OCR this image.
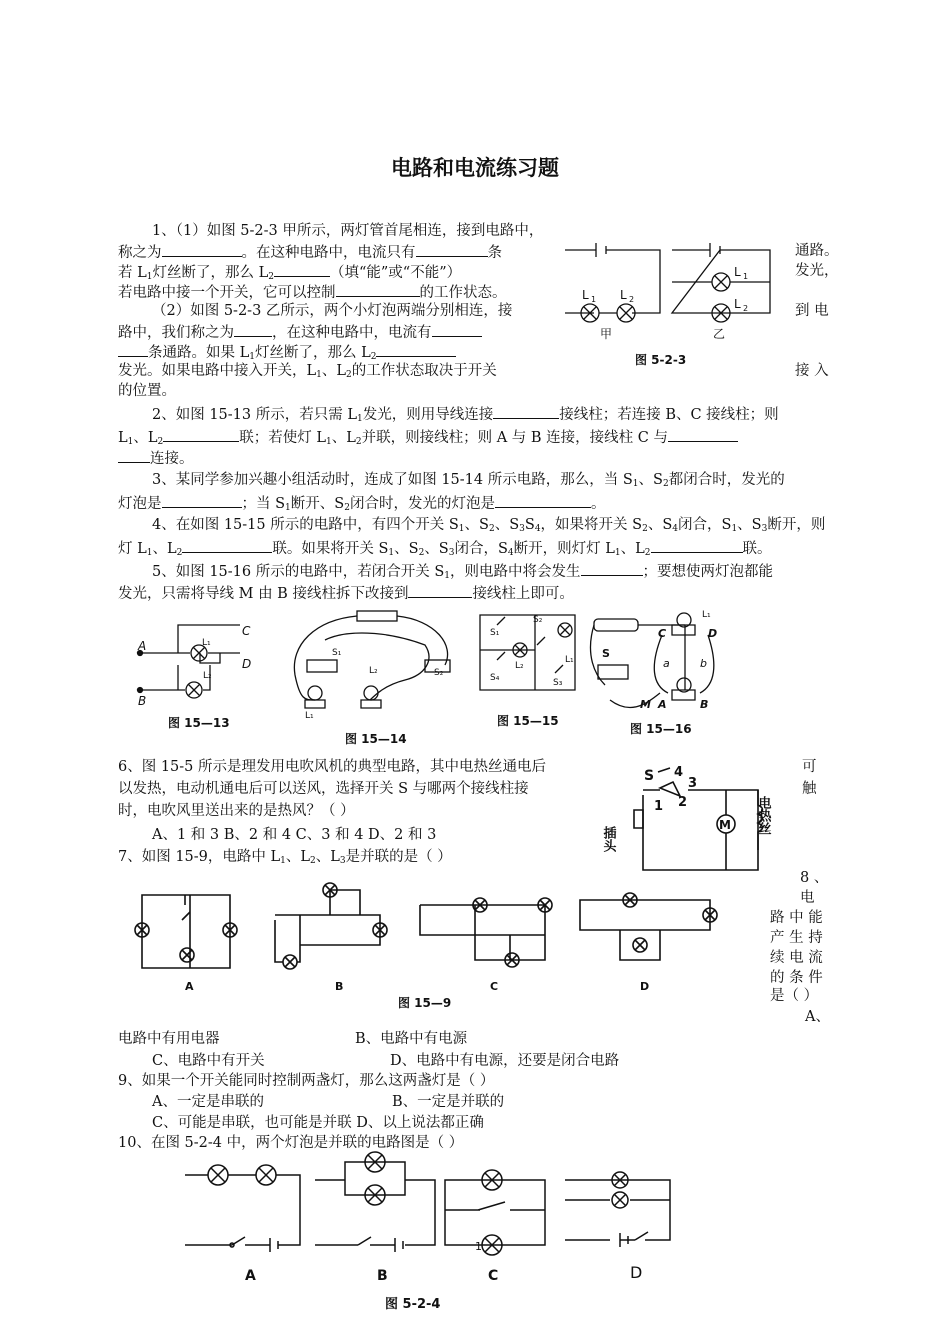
电路和电流练习题
1、（1）如图 5-2-3 甲所示，两灯管首尾相连，接到电路中，
称之为	。在这种电路中，电流只有	条	通路。
若 $L_1$灯丝断了，那么 $L_2$	（填“能”或“不能”）	发光，
若电路中接一个开关，它可以控制	的工作状态。
（2）如图 5-2-3 乙所示，两个小灯泡两端分别相连，接	到 电
路中，我们称之为	，在这种电路中，电流有
条通路。如果 $L_1$灯丝断了，那么 $L_2$
发光。如果电路中接入开关，$L_1$、$L_2$的工作状态取决于开关	接 入
的位置。
L 1 L 2
L 1
L 2
甲	乙
图 5-2-3
2、如图 15-13 所示，若只需 $L_1$发光，则用导线连接	接线柱；若连接 B、C 接线柱；则
$L_1$、$L_2$	联；若使灯 $L_1$、$L_2$并联，则接线柱；则 A 与 B 连接，接线柱 C 与
连接。
3、某同学参加兴趣小组活动时，连成了如图 15-14 所示电路，那么，当 $S_1$、$S_2$都闭合时，发光的
灯泡是	；当 $S_1$断开、$S_2$闭合时，发光的灯泡是	。
4、在如图 15-15 所示的电路中，有四个开关 $S_1$、$S_2$、$S_3S_4$，如果将开关 $S_2$、$S_4$闭合，$S_1$、$S_3$断开，则
灯 $L_1$、$L_2$	联。如果将开关 $S_1$、$S_2$、$S_3$闭合，$S_4$断开，则灯灯 $L_1$、$L_2$	联。
5、如图 15-16 所示的电路中，若闭合开关 $S_1$，则电路中将会发生	；要想使两灯泡都能
发光，只需将导线 M 由 B 接线柱拆下改接到	接线柱上即可。
A
B
C
D
L₁
L₂
图 15—13
S₁
S₂
L₂
L₁
图 15—14
S₁
S₂
L₁
L₂
S₄	S₃
图 15—15
L₁
C	D
a	b
S
M A	B
图 15—16
6、图 15-5 所示是理发用电吹风机的典型电路，其中电热丝通电后	可
以发热，电动机通电后可以送风，选择开关 S 与哪两个接线柱接	触
时，电吹风里送出来的是热风？（ ）
A、1 和 3 B、2 和 4 C、3 和 4 D、2 和 3
M
S 4
3
1 2
插头
电热丝
7、如图 15-9，电路中 $L_1$、$L_2$、$L_3$是并联的是（ ）
A	B	C	D
图 15—9
8 、
电
路 中 能
产 生 持
续 电 流
的 条 件
是（ ）
A、
电路中有用电器	B、电路中有电源
C、电路中有开关	D、电路中有电源，还要是闭合电路
9、如果一个开关能同时控制两盏灯，那么这两盏灯是（ ）
A、一定是串联的	B、一定是并联的
C、可能是串联，也可能是并联 D、以上说法都正确
10、在图 5-2-4 中，两个灯泡是并联的电路图是（ ）
1
A	B	C	D
图 5-2-4
